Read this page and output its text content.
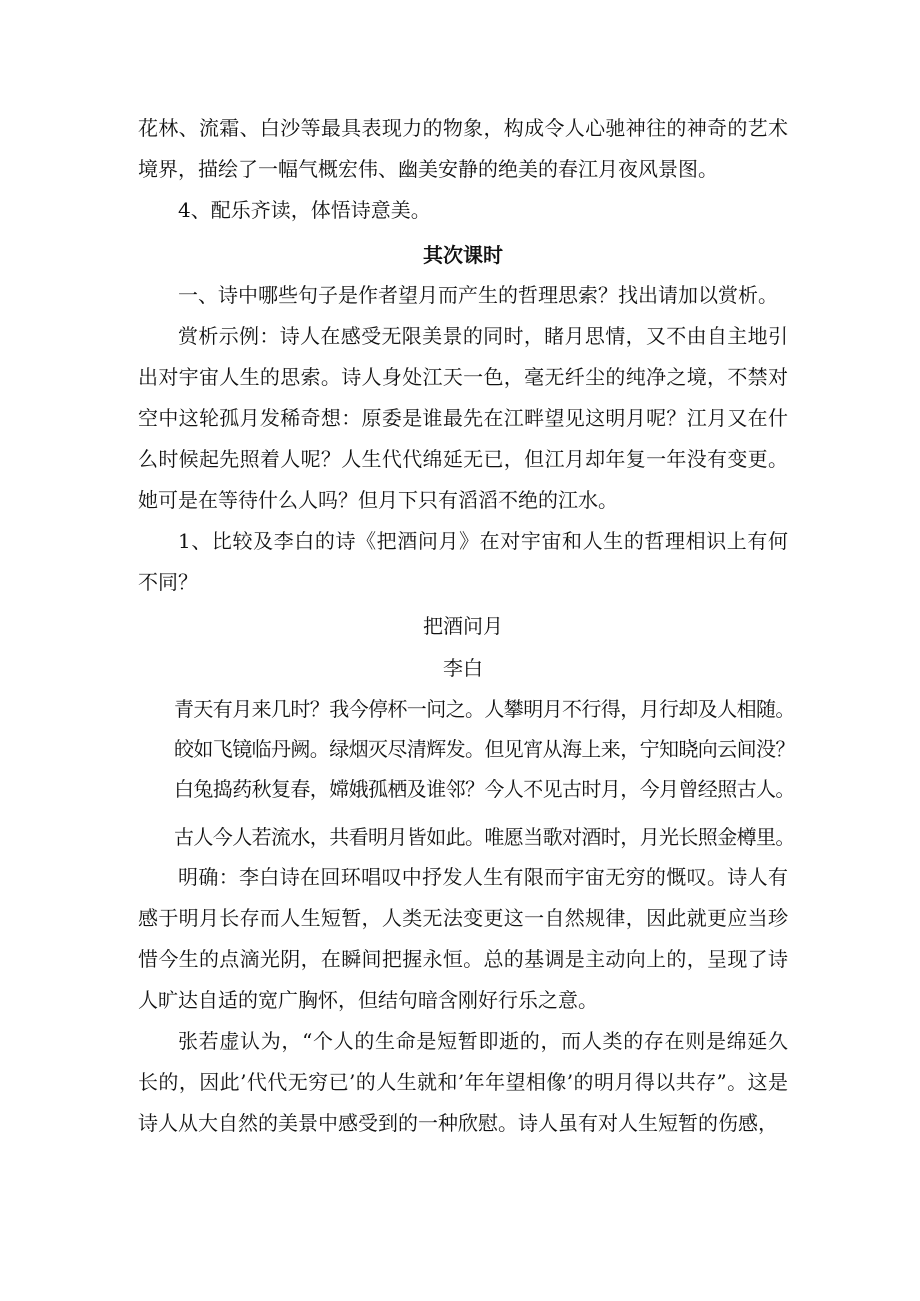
花林、流霜、白沙等最具表现力的物象，构成令人心驰神往的神奇的艺术境界，描绘了一幅气概宏伟、幽美安静的绝美的春江月夜风景图。

4、配乐齐读，体悟诗意美。

其次课时

一、诗中哪些句子是作者望月而产生的哲理思索？找出请加以赏析。

赏析示例：诗人在感受无限美景的同时，睹月思情，又不由自主地引出对宇宙人生的思索。诗人身处江天一色，毫无纤尘的纯净之境，不禁对空中这轮孤月发稀奇想：原委是谁最先在江畔望见这明月呢？江月又在什么时候起先照着人呢？人生代代绵延无已，但江月却年复一年没有变更。她可是在等待什么人吗？但月下只有滔滔不绝的江水。

1、比较及李白的诗《把酒问月》在对宇宙和人生的哲理相识上有何不同？

把酒问月

李白

青天有月来几时？我今停杯一问之。人攀明月不行得，月行却及人相随。

皎如飞镜临丹阙。绿烟灭尽清辉发。但见宵从海上来，宁知晓向云间没？

白兔捣药秋复春，嫦娥孤栖及谁邻？今人不见古时月，今月曾经照古人。

古人今人若流水，共看明月皆如此。唯愿当歌对酒时，月光长照金樽里。

明确：李白诗在回环唱叹中抒发人生有限而宇宙无穷的慨叹。诗人有感于明月长存而人生短暂，人类无法变更这一自然规律，因此就更应当珍惜今生的点滴光阴，在瞬间把握永恒。总的基调是主动向上的，呈现了诗人旷达自适的宽广胸怀，但结句暗含刚好行乐之意。

张若虚认为，“个人的生命是短暂即逝的，而人类的存在则是绵延久长的，因此’代代无穷已’的人生就和’年年望相像’的明月得以共存”。这是诗人从大自然的美景中感受到的一种欣慰。诗人虽有对人生短暂的伤感，
